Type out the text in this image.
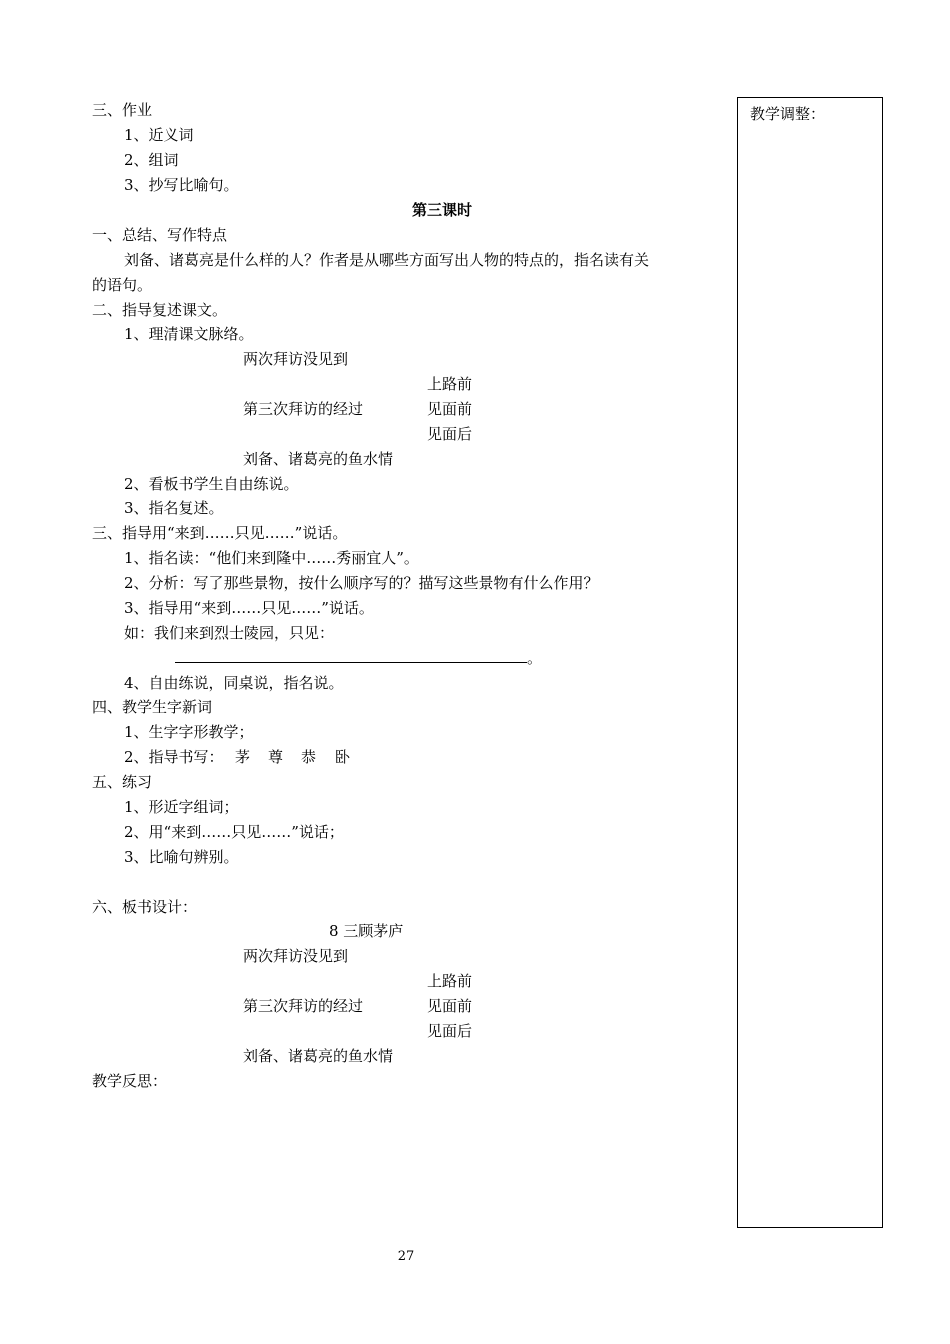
三、作业
1、近义词
2、组词
3、抄写比喻句。
第三课时
一、总结、写作特点
刘备、诸葛亮是什么样的人？作者是从哪些方面写出人物的特点的，指名读有关
的语句。
二、指导复述课文。
1、理清课文脉络。
两次拜访没见到
上路前
第三次拜访的经过	见面前
见面后
刘备、诸葛亮的鱼水情
2、看板书学生自由练说。
3、指名复述。
三、指导用“来到……只见……”说话。
1、指名读：“他们来到隆中……秀丽宜人”。
2、分析：写了那些景物，按什么顺序写的？描写这些景物有什么作用？
3、指导用“来到……只见……”说话。
如：我们来到烈士陵园，只见：
。
4、自由练说，同桌说，指名说。
四、教学生字新词
1、生字字形教学；
2、指导书写： 茅 尊 恭 卧
五、练习
1、形近字组词；
2、用“来到……只见……”说话；
3、比喻句辨别。
六、板书设计：
8 三顾茅庐
两次拜访没见到
上路前
第三次拜访的经过	见面前
见面后
刘备、诸葛亮的鱼水情
教学反思：
教学调整：
27
